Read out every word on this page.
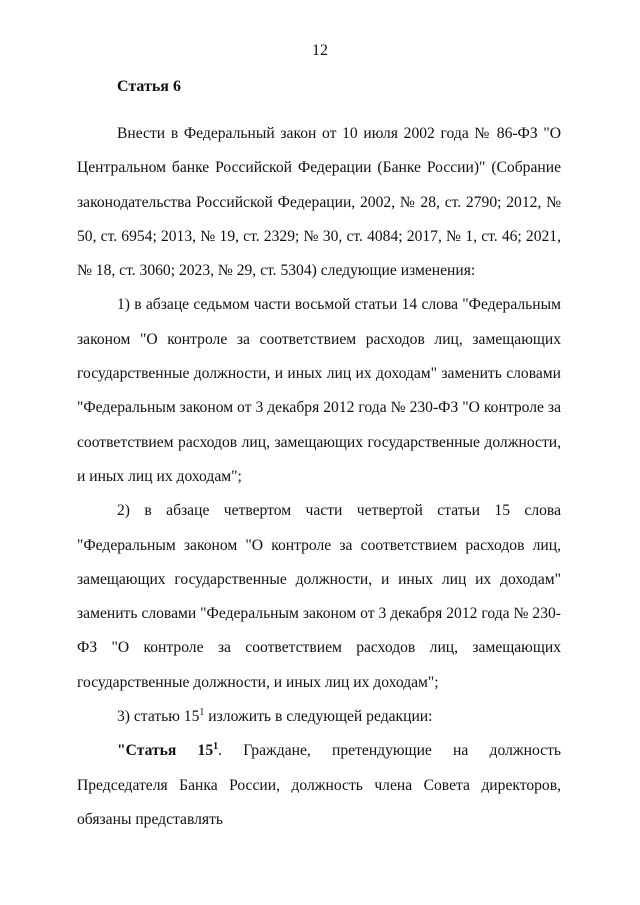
12
Статья 6

Внести в Федеральный закон от 10 июля 2002 года № 86-ФЗ "О Центральном банке Российской Федерации (Банке России)" (Собрание законодательства Российской Федерации, 2002, № 28, ст. 2790; 2012, № 50, ст. 6954; 2013, № 19, ст. 2329; № 30, ст. 4084; 2017, № 1, ст. 46; 2021, № 18, ст. 3060; 2023, № 29, ст. 5304) следующие изменения:

1) в абзаце седьмом части восьмой статьи 14 слова "Федеральным законом "О контроле за соответствием расходов лиц, замещающих государственные должности, и иных лиц их доходам" заменить словами "Федеральным законом от 3 декабря 2012 года № 230-ФЗ "О контроле за соответствием расходов лиц, замещающих государственные должности, и иных лиц их доходам";

2) в абзаце четвертом части четвертой статьи 15 слова "Федеральным законом "О контроле за соответствием расходов лиц, замещающих государственные должности, и иных лиц их доходам" заменить словами "Федеральным законом от 3 декабря 2012 года № 230-ФЗ "О контроле за соответствием расходов лиц, замещающих государственные должности, и иных лиц их доходам";

3) статью $15^1$ изложить в следующей редакции:

"Статья $15^1$. Граждане, претендующие на должность Председателя Банка России, должность члена Совета директоров, обязаны представлять
